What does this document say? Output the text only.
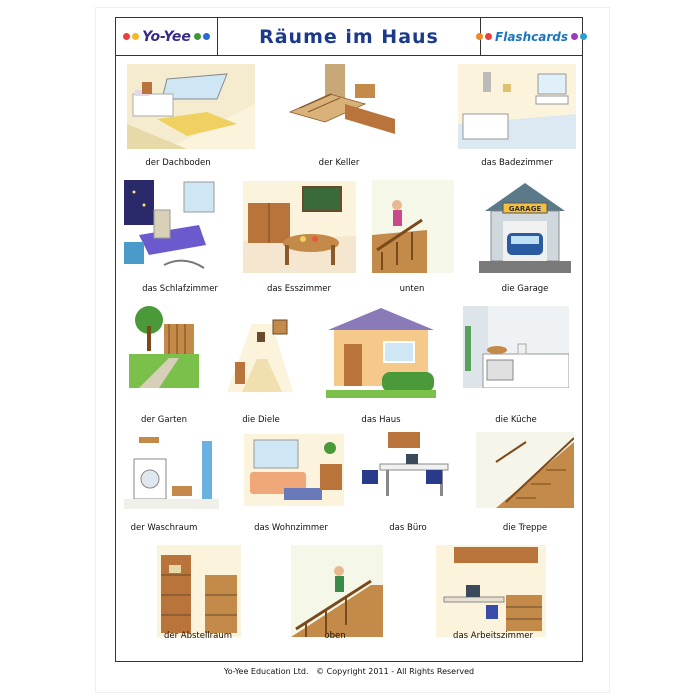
Yo-Yee	Räume im Haus	Flashcards
der Dachboden	der Keller	das Badezimmer
das Schlafzimmer	das Esszimmer	unten
GARAGE
die Garage
der Garten	die Diele	das Haus	die Küche
der Waschraum	das Wohnzimmer	das Büro	die Treppe
der Abstellraum	oben	das Arbeitszimmer
Yo-Yee Education Ltd.   © Copyright 2011 - All Rights Reserved
